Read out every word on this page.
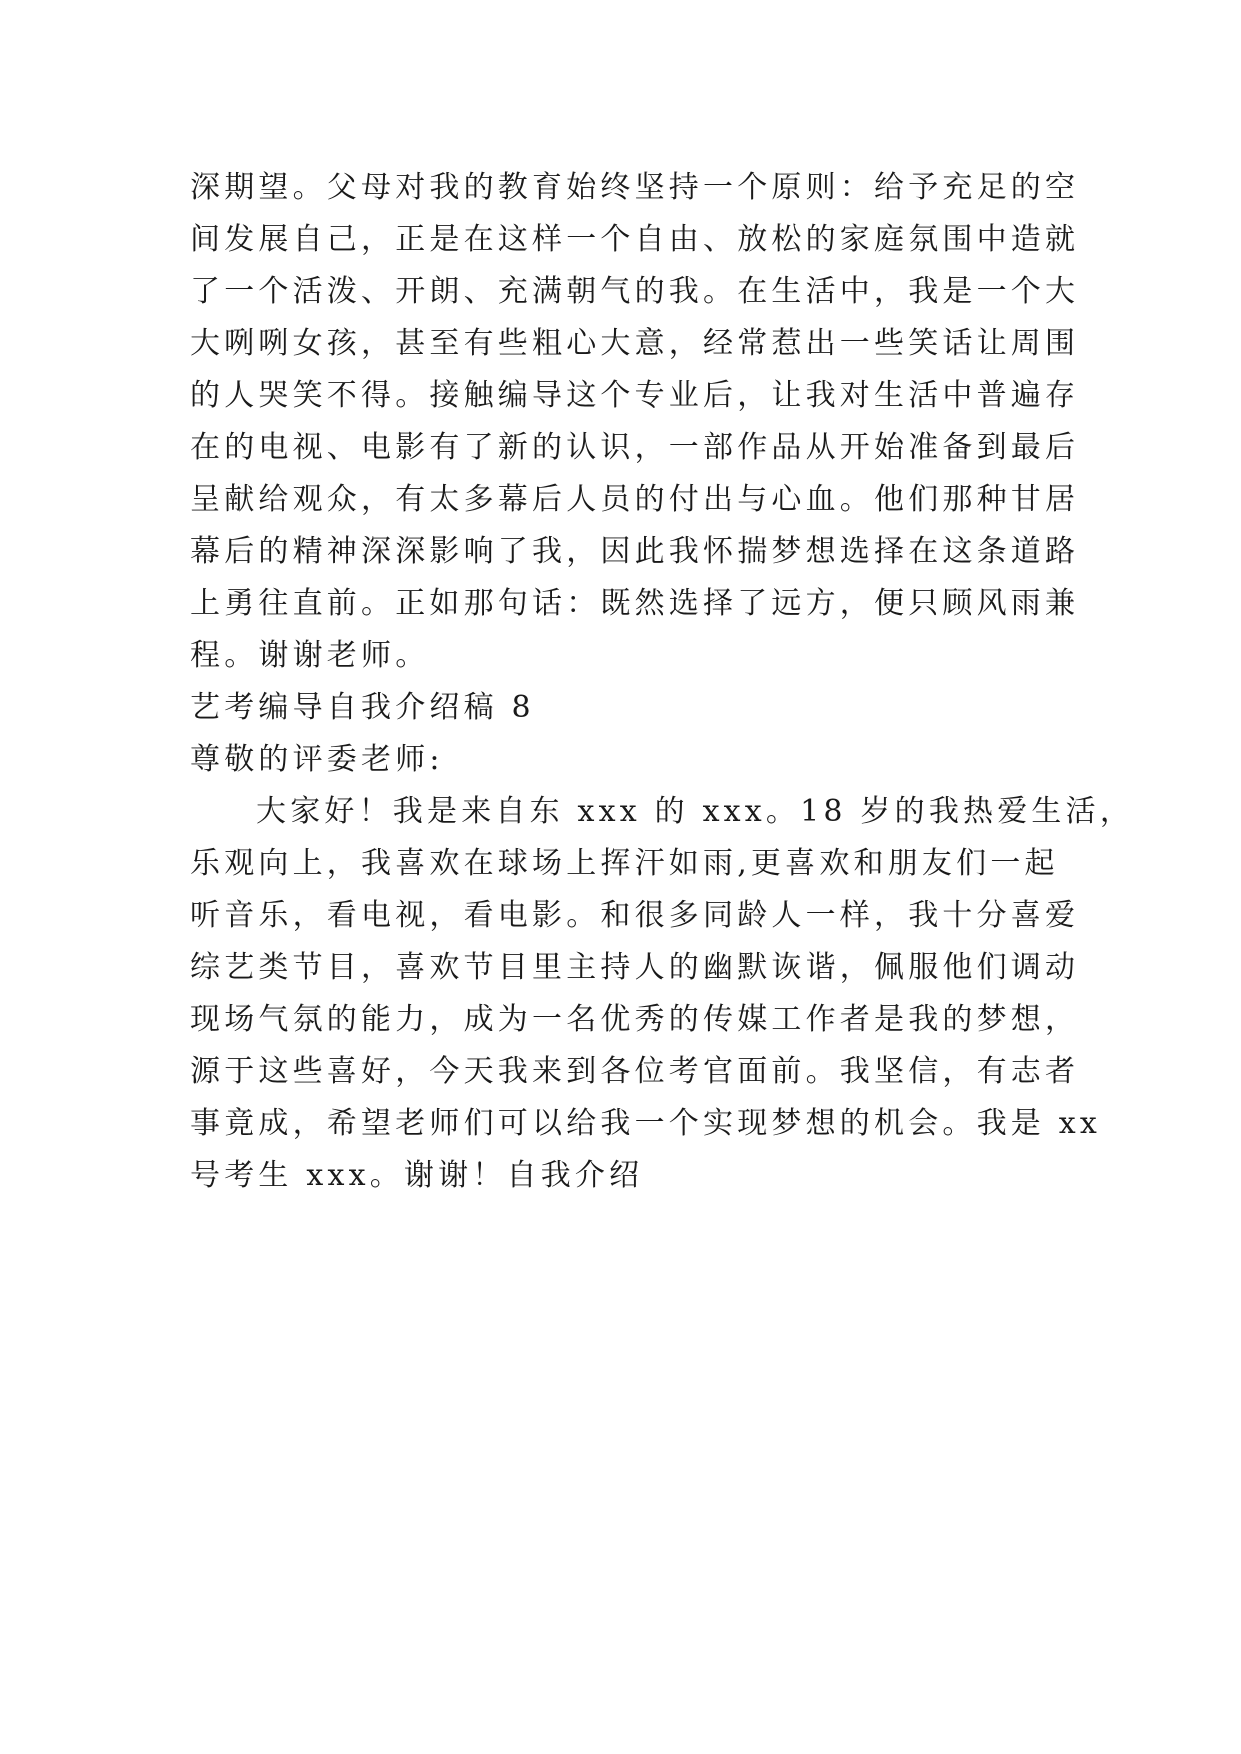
深期望。父母对我的教育始终坚持一个原则：给予充足的空
间发展自己，正是在这样一个自由、放松的家庭氛围中造就
了一个活泼、开朗、充满朝气的我。在生活中，我是一个大
大咧咧女孩，甚至有些粗心大意，经常惹出一些笑话让周围
的人哭笑不得。接触编导这个专业后，让我对生活中普遍存
在的电视、电影有了新的认识，一部作品从开始准备到最后
呈献给观众，有太多幕后人员的付出与心血。他们那种甘居
幕后的精神深深影响了我，因此我怀揣梦想选择在这条道路
上勇往直前。正如那句话：既然选择了远方，便只顾风雨兼
程。谢谢老师。
艺考编导自我介绍稿 8
尊敬的评委老师:
大家好！我是来自东 xxx 的 xxx。18 岁的我热爱生活，
乐观向上，我喜欢在球场上挥汗如雨,更喜欢和朋友们一起
听音乐，看电视，看电影。和很多同龄人一样，我十分喜爱
综艺类节目，喜欢节目里主持人的幽默诙谐，佩服他们调动
现场气氛的能力，成为一名优秀的传媒工作者是我的梦想，
源于这些喜好，今天我来到各位考官面前。我坚信，有志者
事竟成，希望老师们可以给我一个实现梦想的机会。我是 xx
号考生 xxx。谢谢！自我介绍
